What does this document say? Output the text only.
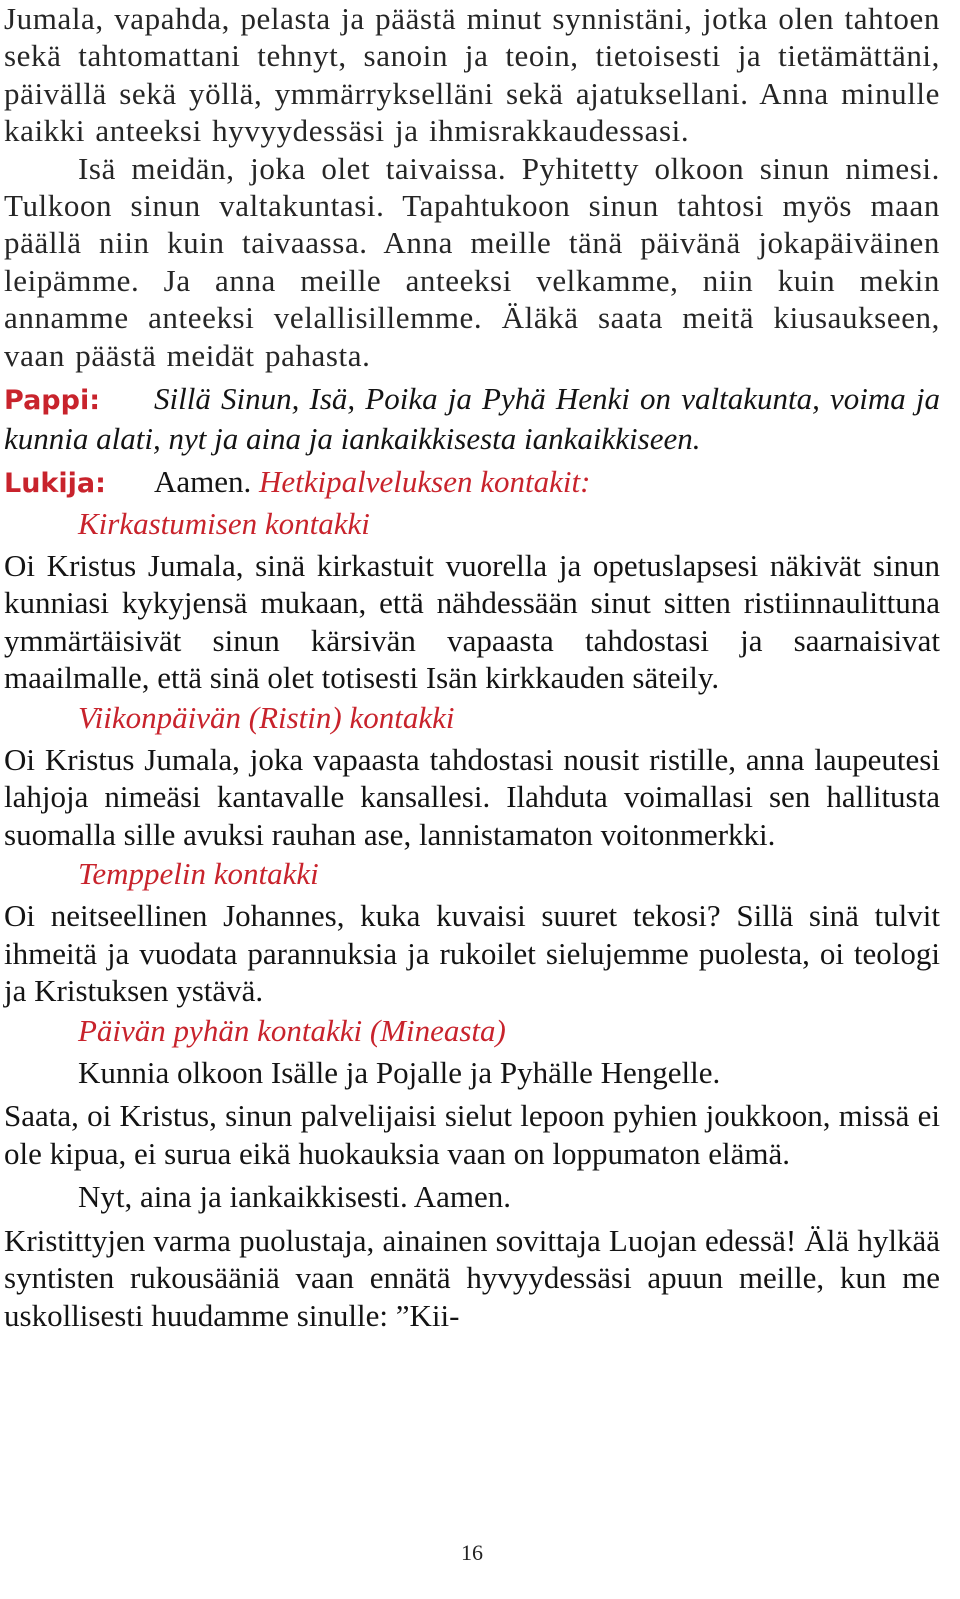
Jumala, vapahda, pelasta ja päästä minut synnistäni, jotka olen tahtoen sekä tahtomattani tehnyt, sanoin ja teoin, tietoisesti ja tietämättäni, päivällä sekä yöllä, ymmärrykselläni sekä ajatuksellani. Anna minulle kaikki anteeksi hyvyydessäsi ja ihmisrakkaudessasi.
Isä meidän, joka olet taivaissa. Pyhitetty olkoon sinun nimesi. Tulkoon sinun valtakuntasi. Tapahtukoon sinun tahtosi myös maan päällä niin kuin taivaassa. Anna meille tänä päivänä jokapäiväinen leipämme. Ja anna meille anteeksi velkamme, niin kuin mekin annamme anteeksi velallisillemme. Äläkä saata meitä kiusaukseen, vaan päästä meidät pahasta.
Pappi: Sillä Sinun, Isä, Poika ja Pyhä Henki on valtakunta, voima ja kunnia alati, nyt ja aina ja iankaikkisesta iankaikkiseen.
Lukija: Aamen. Hetkipalveluksen kontakit:
Kirkastumisen kontakki
Oi Kristus Jumala, sinä kirkastuit vuorella ja opetuslapsesi näkivät sinun kunniasi kykyjensä mukaan, että nähdessään sinut sitten ristiinnaulittuna ymmärtäisivät sinun kärsivän vapaasta tahdostasi ja saarnaisivat maailmalle, että sinä olet totisesti Isän kirkkauden säteily.
Viikonpäivän (Ristin) kontakki
Oi Kristus Jumala, joka vapaasta tahdostasi nousit ristille, anna laupeutesi lahjoja nimeäsi kantavalle kansallesi. Ilahduta voimallasi sen hallitusta suomalla sille avuksi rauhan ase, lannistamaton voitonmerkki.
Temppelin kontakki
Oi neitseellinen Johannes, kuka kuvaisi suuret tekosi? Sillä sinä tulvit ihmeitä ja vuodata parannuksia ja rukoilet sielujemme puolesta, oi teologi ja Kristuksen ystävä.
Päivän pyhän kontakki (Mineasta)
Kunnia olkoon Isälle ja Pojalle ja Pyhälle Hengelle.
Saata, oi Kristus, sinun palvelijaisi sielut lepoon pyhien joukkoon, missä ei ole kipua, ei surua eikä huokauksia vaan on loppumaton elämä.
Nyt, aina ja iankaikkisesti. Aamen.
Kristittyjen varma puolustaja, ainainen sovittaja Luojan edessä! Älä hylkää syntisten rukousääniä vaan ennätä hyvyydessäsi apuun meille, kun me uskollisesti huudamme sinulle: ”Kii-
16
